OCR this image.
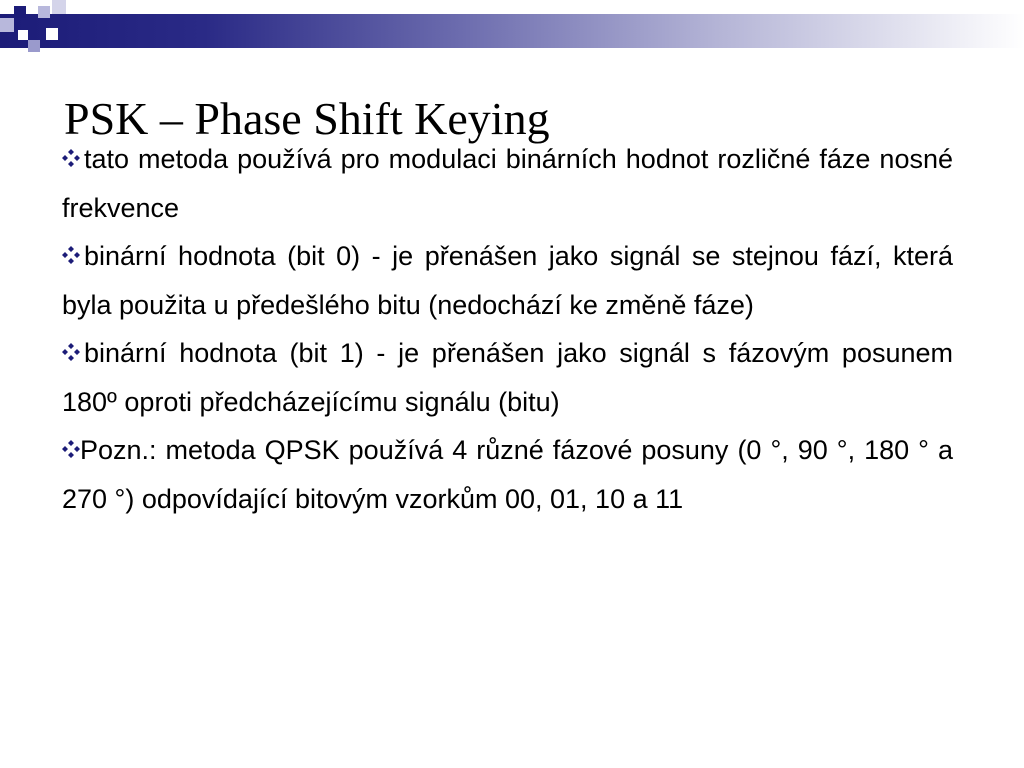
PSK – Phase Shift Keying

tato metoda používá pro modulaci binárních hodnot rozličné fáze nosné frekvence

binární hodnota (bit 0) - je přenášen jako signál se stejnou fází, která byla použita u předešlého bitu (nedochází ke změně fáze)

binární hodnota (bit 1) - je přenášen jako signál s fázovým posunem 180º oproti předcházejícímu signálu (bitu)

Pozn.: metoda QPSK používá 4 různé fázové posuny (0 °, 90 °, 180 ° a 270 °) odpovídající bitovým vzorkům 00, 01, 10 a 11
